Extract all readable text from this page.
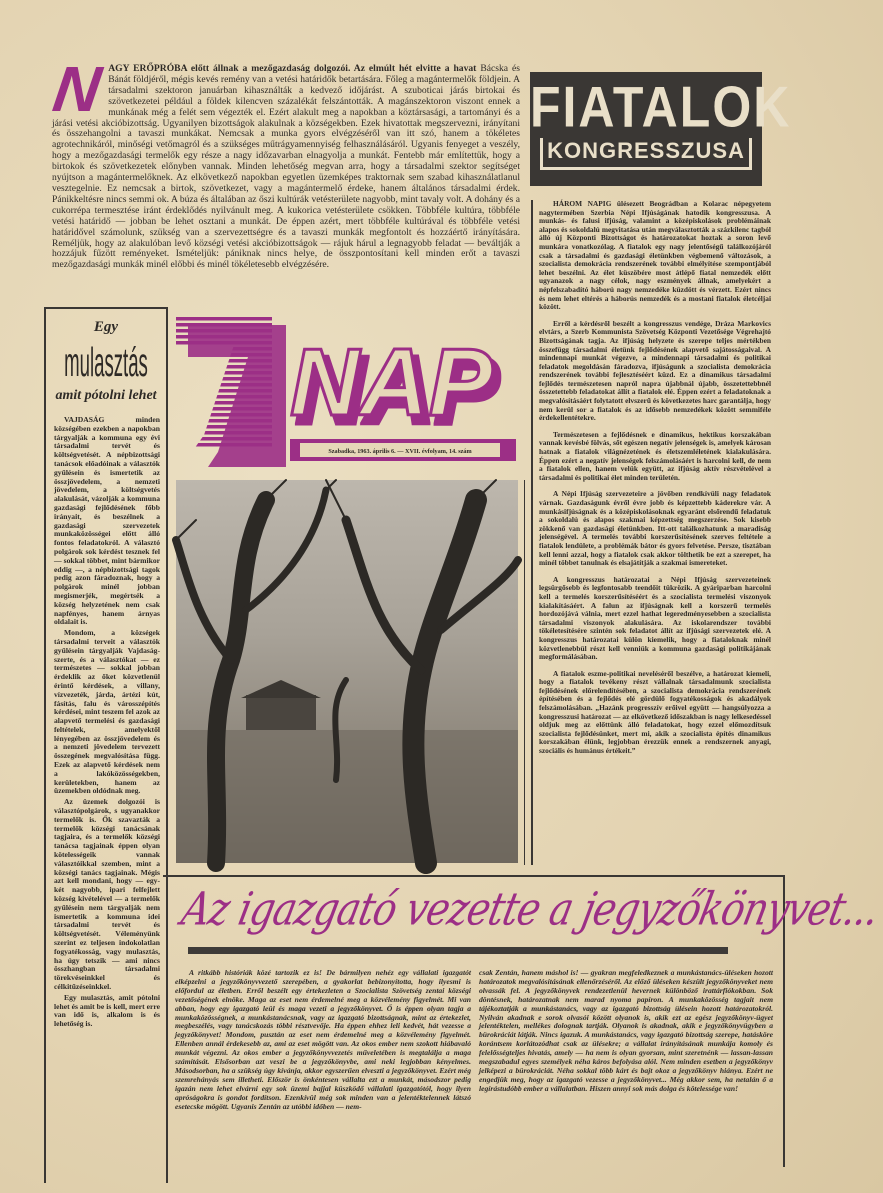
N AGY ERŐPRÓBA előtt állnak a mezőgazdaság dolgozói. Az elmúlt hét elvitte a havat Bácska és Bánát földjéről, mégis kevés remény van a vetési határidők betartására. Főleg a magántermelők földjein. A társadalmi szektoron januárban kihasználták a kedvező időjárást. A szuboticai járás birtokai és szövetkezetei például a földek kilencven százalékát felszántották. A magánszektoron viszont ennek a munkának még a felét sem végezték el. Ezért alakult meg a napokban a köztársasági, a tartományi és a járási vetési akcióbizottság. Ugyanilyen bizottságok alakulnak a községekben. Ezek hivatottak megszervezni, irányítani és összehangolni a tavaszi munkákat. Nemcsak a munka gyors elvégzéséről van itt szó, hanem a tökéletes agrotechnikáról, minőségi vetőmagról és a szükséges műtrágyamennyiség felhasználásáról. Ugyanis fenyeget a veszély, hogy a mezőgazdasági termelők egy része a nagy időzavarban elnagyolja a munkát. Fentebb már említettük, hogy a birtokok és szövetkezetek előnyben vannak. Minden lehetőség megvan arra, hogy a társadalmi szektor segítséget nyújtson a magántermelőknek. Az elkövetkező napokban egyetlen üzemképes traktornak sem szabad kihasználatlanul vesztegelnie. Ez nemcsak a birtok, szövetkezet, vagy a magántermelő érdeke, hanem általános társadalmi érdek. Pánikkeltésre nincs semmi ok. A búza és általában az őszi kultúrák vetésterülete nagyobb, mint tavaly volt. A dohány és a cukorrépa termesztése iránt érdeklődés nyilvánult meg. A kukorica vetésterülete csökken. Többféle kultúra, többféle vetési határidő — jobban be lehet osztani a munkát. De éppen azért, mert többféle kultúrával és többféle vetési határidővel számolunk, szükség van a szervezettségre és a tavaszi munkák megfontolt és hozzáértő irányítására. Reméljük, hogy az alakulóban levő községi vetési akcióbizottságok — rájuk hárul a legnagyobb feladat — beváltják a hozzájuk fűzött reményeket. Ismételjük: pániknak nincs helye, de összpontosítani kell minden erőt a tavaszi mezőgazdasági munkák minél előbbi és minél tökéletesebb elvégzésére.

FIATALOK
KONGRESSZUSA

HÁROM NAPIG ülésezett Beográdban a Kolarac népegyetem nagytermében Szerbia Népi Ifjúságának hatodik kongresszusa. A munkás- és falusi ifjúság, valamint a középiskolások problémáinak alapos és sokoldalú megvitatása után megválasztották a százkilenc tagból álló új Központi Bizottságot és határozatokat hoztak a soron levő munkára vonatkozólag. A fiatalok egy nagy jelentőségű találkozójáról csak a társadalmi és gazdasági életünkben végbemenő változások, a szocialista demokrácia rendszerének további elmélyítése szempontjából lehet beszélni. Az élet küszöbére most átlépő fiatal nemzedék előtt ugyanazok a nagy célok, nagy eszmények állnak, amelyekért a népfelszabadító háború nagy nemzedéke küzdött és vérzett. Ezért nincs és nem lehet eltérés a háborús nemzedék és a mostani fiatalok életcéljai között.

Erről a kérdésről beszélt a kongresszus vendége, Dráza Markovics elvtárs, a Szerb Kommunista Szövetség Központi Vezetősége Végrehajtó Bizottságának tagja. Az ifjúság helyzete és szerepe teljes mértékben összefügg társadalmi életünk fejlődésének alapvető sajátosságaival. A mindennapi munkát végezve, a mindennapi társadalmi és politikai feladatok megoldásán fáradozva, ifjúságunk a szocialista demokrácia rendszerének további fejlesztéséért küzd. Ez a dinamikus társadalmi fejlődés természetesen napról napra újabbnál újabb, összetettebbnél összetettebb feladatokat állít a fiatalok elé. Éppen ezért a feladatoknak a megvalósításáért folytatott elvszerű és következetes harc garantálja, hogy nem kerül sor a fiatalok és az idősebb nemzedékek között semmiféle érdekellentétekre.

Természetesen a fejlődésnek e dinamikus, hektikus korszakában vannak kevésbé fölvás, sőt egészen negatív jelenségek is, amelyek károsan hatnak a fiatalok világnézetének és életszemléletének kialakulására. Éppen ezért a negatív jelenségek felszámolásáért is harcolni kell, de nem a fiatalok ellen, hanem velük együtt, az ifjúság aktív részvételével a társadalmi és politikai élet minden területén.

A Népi Ifjúság szervezeteire a jövőben rendkívüli nagy feladatok várnak. Gazdaságunk évről évre jobb és képzettebb káderekre vár. A munkásifjúságnak és a középiskolásoknak egyaránt elsőrendű feladatuk a sokoldalú és alapos szakmai képzettség megszerzése. Sok kisebb zökkenő van gazdasági életünkben. Itt-ott találkozhatunk a maradiság jelenségével. A termelés további korszerűsítésének szerves feltétele a fiatalok lendülete, a problémák bátor és gyors felvetése. Persze, tisztában kell lenni azzal, hogy a fiatalok csak akkor tölthetik be ezt a szerepet, ha minél többet tanulnak és elsajátítják a szakmai ismereteket.

A kongresszus határozatai a Népi Ifjúság szervezeteinek legsürgősebb és legfontosabb teendőit tükrözik. A gyáriparban harcolni kell a termelés korszerűsítéséért és a szocialista termelési viszonyok kialakításáért. A falun az ifjúságnak kell a korszerű termelés hordozójává válnia, mert ezzel hathat legeredményesebben a szocialista társadalmi viszonyok alakulására. Az iskolarendszer további tökéletesítésére szintén sok feladatot állít az ifjúsági szervezetek elé. A kongresszus határozatai külön kiemelik, hogy a fiataloknak minél közvetlenebbül részt kell venniük a kommuna gazdasági politikájának megformálásában.

A fiatalok eszme-politikai neveléséről beszélve, a határozat kiemeli, hogy a fiatalok tevékeny részt vállalnak társadalmunk szocialista fejlődésének előrelendítésében, a szocialista demokrácia rendszerének építésében és a fejlődés elé gördülő fogyatékosságok és akadályok felszámolásában. „Hazánk progresszív erőivel együtt — hangsúlyozza a kongresszusi határozat — az elkövetkező időszakban is nagy lelkesedéssel oldjuk meg az előttünk álló feladatokat, hogy ezzel előmozdítsuk szocialista fejlődésünket, mert mi, akik a szocialista építés dinamikus korszakában élünk, legjobban érezzük ennek a rendszernek anyagi, szociális és humánus értékeit.”

Egy
mulasztás
amit pótolni lehet

VAJDASÁG minden községében ezekben a napokban tárgyalják a kommuna egy évi társadalmi tervét és költségvetését. A népbizottsági tanácsok előadóinak a választók gyűlésein és ismertetik az összjövedelem, a nemzeti jövedelem, a költségvetés alakulását, vázolják a kommuna gazdasági fejlődésének főbb irányait, és beszélnek a gazdasági szervezetek munkaközösségei előtt álló fontos feladatokról. A választó polgárok sok kérdést tesznek fel — sokkal többet, mint bármikor eddig —, a népbizottsági tagok pedig azon fáradoznak, hogy a polgárok minél jobban megismerjék, megértsék a község helyzetének nem csak napfényes, hanem árnyas oldalait is.

Mondom, a községek társadalmi terveit a választók gyűlésein tárgyalják Vajdaság-szerte, és a választókat — ez természetes — sokkal jobban érdeklik az őket közvetlenül érintő kérdések, a villany, vízvezeték, járda, ártézi kút, fásítás, falu és városszépítés kérdései, mint teszem fel azok az alapvető termelési és gazdasági feltételek, amelyektől lényegében az összjövedelem és a nemzeti jövedelem tervezett összegének megvalósítása függ. Ezek az alapvető kérdések nem a lakóközösségekben, kerületekben, hanem az üzemekben oldódnak meg.

Az üzemek dolgozói is választópolgárok, s ugyanakkor termelők is. Ők szavazták a termelők községi tanácsának tagjaira, és a termelők községi tanácsa tagjainak éppen olyan kötelességeik vannak választóikkal szemben, mint a községi tanács tagjainak. Mégis azt kell mondani, hogy — egy-két nagyobb, ipari felfejlett község kivételével — a termelők gyűlésein nem tárgyalják nem ismertetik a kommuna idei társadalmi tervét és költségvetését. Véleményünk szerint ez teljesen indokolatlan fogyatékosság, vagy mulasztás, ha úgy tetszik — ami nincs összhangban társadalmi törekvéseinkkel és célkitűzéseinkkel.

Egy mulasztás, amit pótolni lehet és amit be is kell, mert erre van idő is, alkalom is és lehetőség is.

NAP
Szabadka, 1963. április 6. — XVII. évfolyam, 14. szám
Az igazgató vezette a jegyzőkönyvet...

A ritkább históriák közé tartozik ez is! De bármilyen nehéz egy vállalati igazgatót elképzelni a jegyzőkönyvvezető szerepében, a gyakorlat bebizonyította, hogy ilyesmi is előfordul az életben. Erről beszélt egy értekezleten a Szocialista Szövetség zentai községi vezetőségének elnöke. Maga az eset nem érdemelné meg a közvélemény figyelmét. Mi van abban, hogy egy igazgató leül és maga vezeti a jegyzőkönyvet. Ő is éppen olyan tagja a munkaközösségnek, a munkástanácsnak, vagy az igazgató bizottságnak, mint az értekezlet, megbeszélés, vagy tanácskozás többi résztvevője. Ha éppen ehhez leli kedvét, hát vezesse a jegyzőkönyvet! Mondom, pusztán az eset nem érdemelné meg a közvélemény figyelmét. Ellenben annál érdekesebb az, ami az eset mögött van. Az okos ember nem szokott hiábavaló munkát végezni. Az okos ember a jegyzőkönyvvezetés műveletében is megtalálja a maga számítását. Elsősorban azt veszi be a jegyzőkönyvbe, ami neki legjobban kényelmes. Másodsorban, ha a szükség úgy kívánja, akkor egyszerűen elveszti a jegyzőkönyvet. Ezért még szemrehányás sem illetheti. Először is önkéntesen vállalta ezt a munkát, másodszor pedig igazán nem lehet elvárni egy sok üzemi bajjal küszködő vállalati igazgatótól, hogy ilyen apróságokra is gondot fordítson. Ezenkívül még sok minden van a jelentéktelennek látszó esetecske mögött. Ugyanis Zentán az utóbbi időben — nem-

csak Zentán, hanem máshol is! — gyakran megfeledkeznek a munkástanács-üléseken hozott határozatok megvalósításának ellenőrzéséről. Az előző üléseken készült jegyzőkönyveket nem olvassák fel. A jegyzőkönyvek rendezetlenül hevernek különböző irattárfiókokban. Sok döntésnek, határozatnak nem marad nyoma papíron. A munkaközösség tagjait nem tájékoztatják a munkástanács, vagy az igazgató bizottság ülésein hozott határozatokról. Nyilván akadnak e sorok olvasói között olyanok is, akik ezt az egész jegyzőkönyv-ügyet jelentéktelen, mellékes dolognak tartják. Olyanok is akadnak, akik e jegyzőkönyvügyben a bürokráciát látják. Nincs igazuk. A munkástanács, vagy igazgató bizottság szerepe, hatásköre korántsem korlátozódhat csak az ülésekre; a vállalat irányításának munkája komoly és felelősségteljes hivatás, amely — ha nem is olyan gyorsan, mint szeretnénk — lassan-lassan megszabadul egyes személyek néha káros befolyása alól. Nem minden esetben a jegyzőkönyv jelképezi a bürokráciát. Néha sokkal több kárt és bajt okoz a jegyzőkönyv hiánya. Ezért ne engedjük meg, hogy az igazgató vezesse a jegyzőkönyvet... Még akkor sem, ha netalán ő a legírástudóbb ember a vállalatban. Hiszen annyi sok más dolga és kötelessége van!
